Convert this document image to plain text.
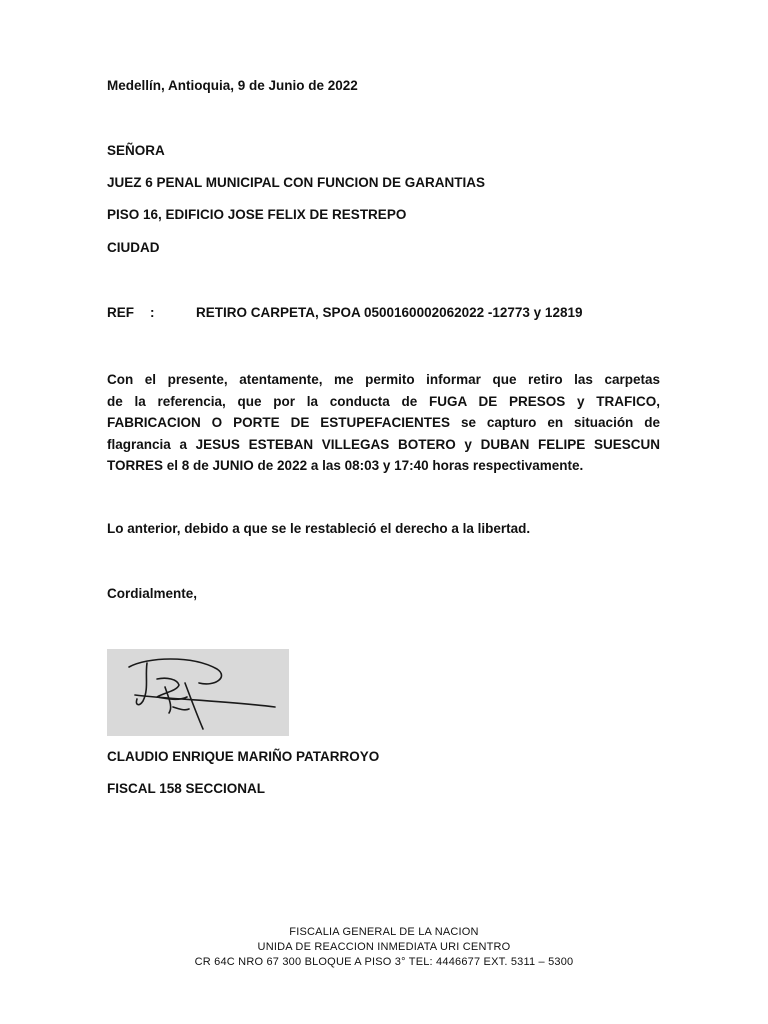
Medellín, Antioquia, 9 de Junio de 2022
SEÑORA
JUEZ 6 PENAL MUNICIPAL CON FUNCION DE GARANTIAS
PISO 16, EDIFICIO JOSE FELIX DE RESTREPO
CIUDAD
REF :	RETIRO CARPETA, SPOA 0500160002062022 -12773 y 12819
Con el presente, atentamente, me permito informar que retiro las carpetas
de la referencia, que por la conducta de FUGA DE PRESOS y TRAFICO,
FABRICACION O PORTE DE ESTUPEFACIENTES se capturo en situación de
flagrancia a JESUS ESTEBAN VILLEGAS BOTERO y DUBAN FELIPE SUESCUN
TORRES el 8 de JUNIO de 2022 a las 08:03 y 17:40 horas respectivamente.
Lo anterior, debido a que se le restableció el derecho a la libertad.
Cordialmente,
CLAUDIO ENRIQUE MARIÑO PATARROYO
FISCAL 158 SECCIONAL
FISCALIA GENERAL DE LA NACION
UNIDA DE REACCION INMEDIATA URI CENTRO
CR 64C NRO 67 300 BLOQUE A PISO 3° TEL: 4446677 EXT. 5311 – 5300
